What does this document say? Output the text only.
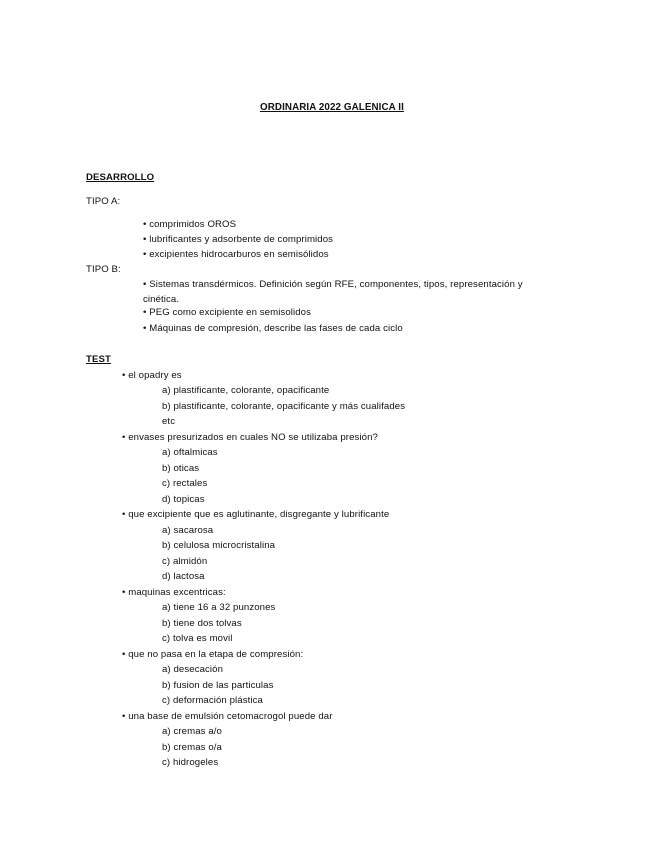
ORDINARIA 2022 GALENICA II
DESARROLLO
TIPO A:
• comprimidos OROS
• lubrificantes y adsorbente de comprimidos
• excipientes hidrocarburos en semisólidos
TIPO B:
• Sistemas transdérmicos. Definición según RFE, componentes, tipos, representación y cinética.
• PEG como excipiente en semisolidos
• Máquinas de compresión, describe las fases de cada ciclo
TEST
• el opadry es
a) plastificante, colorante, opacificante
b) plastificante, colorante, opacificante y más cualifades
etc
• envases presurizados en cuales NO se utilizaba presión?
a) oftalmicas
b) oticas
c) rectales
d) topicas
• que excipiente que es aglutinante, disgregante y lubrificante
a) sacarosa
b) celulosa microcristalina
c) almidón
d) lactosa
• maquinas excentricas:
a) tiene 16 a 32 punzones
b) tiene dos tolvas
c) tolva es movil
• que no pasa en la etapa de compresión:
a) desecación
b) fusion de las particulas
c) deformación plástica
• una base de emulsión cetomacrogol puede dar
a) cremas a/o
b) cremas o/a
c) hidrogeles
